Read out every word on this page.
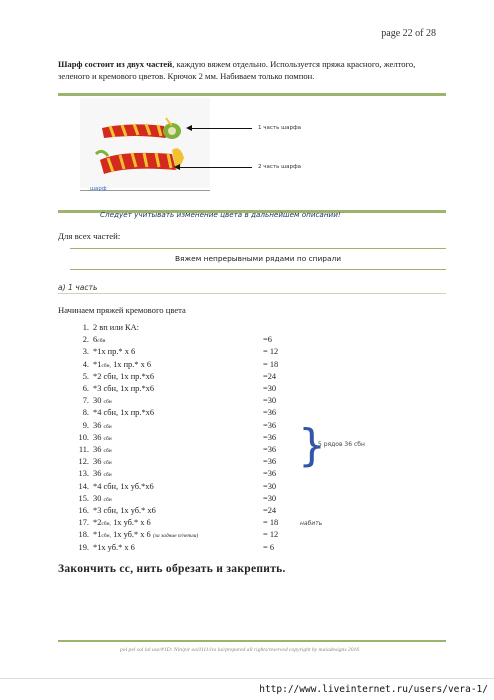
page 22 of 28
Шарф состоит из двух частей, каждую вяжем отдельно. Используется пряжа красного, желтого, зеленого и кремового цветов. Крючок 2 мм. Набиваем только помпон.
шарф
1 часть шарфа
2 часть шарфа
Следует учитывать изменение цвета в дальнейшем описании!
Для всех частей:
Вяжем непрерывными рядами по спирали
а) 1 часть
Начинаем пряжей кремового цвета
1. 2 вп или КА:
2. 6сбн	=6
3. *1х пр.* х 6	= 12
4. *1сбн, 1х пр.* х 6	= 18
5. *2 сбн, 1х пр.*х6	=24
6. *3 сбн, 1х пр.*х6	=30
7. 30 сбн	=30
8. *4 сбн, 1х пр.*х6	=36
9. 36 сбн	=36
10. 36 сбн	=36
11. 36 сбн	=36
12. 36 сбн	=36
13. 36 сбн	=36
14. *4 сбн, 1х уб.*х6	=30
15. 30 сбн	=30
16. *3 сбн, 1х уб.* х6	=24
17. *2сбн, 1х уб.* х 6	= 18
18. *1сбн, 1х уб.* х 6 (за задние п/петли)	= 12
19. *1х уб.* х 6	= 6
}
5 рядов 36 сбн
набить
Закончить сс, нить обрезать и закрепить.
pol pel sol lal use/#1D: Nin/pir ool1111/ivs lai/prepared all rights/reserved copyright by maiadesigns 2016
http://www.liveinternet.ru/users/vera-1/
